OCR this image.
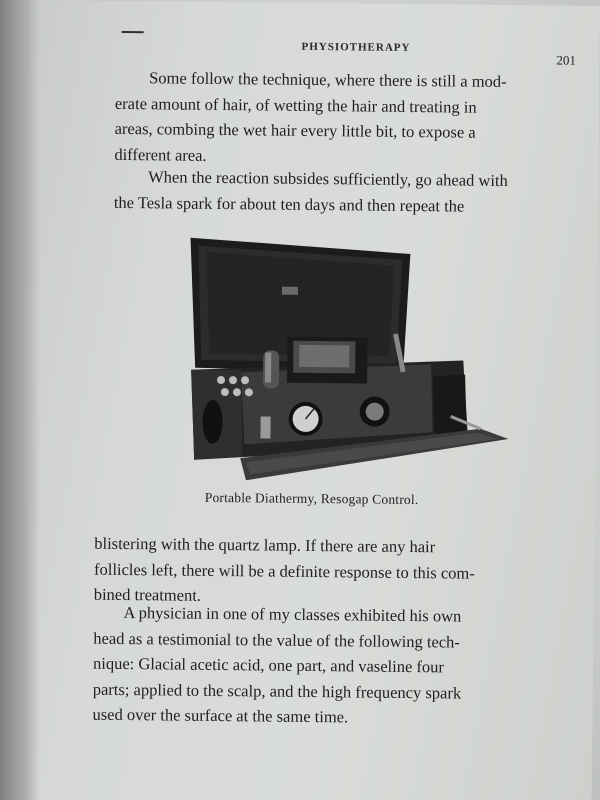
PHYSIOTHERAPY
201

Some follow the technique, where there is still a mod-
erate amount of hair, of wetting the hair and treating in
areas, combing the wet hair every little bit, to expose a
different area.

When the reaction subsides sufficiently, go ahead with
the Tesla spark for about ten days and then repeat the

Portable Diathermy, Resogap Control.

blistering with the quartz lamp. If there are any hair
follicles left, there will be a definite response to this com-
bined treatment.

A physician in one of my classes exhibited his own
head as a testimonial to the value of the following tech-
nique: Glacial acetic acid, one part, and vaseline four
parts; applied to the scalp, and the high frequency spark
used over the surface at the same time.
